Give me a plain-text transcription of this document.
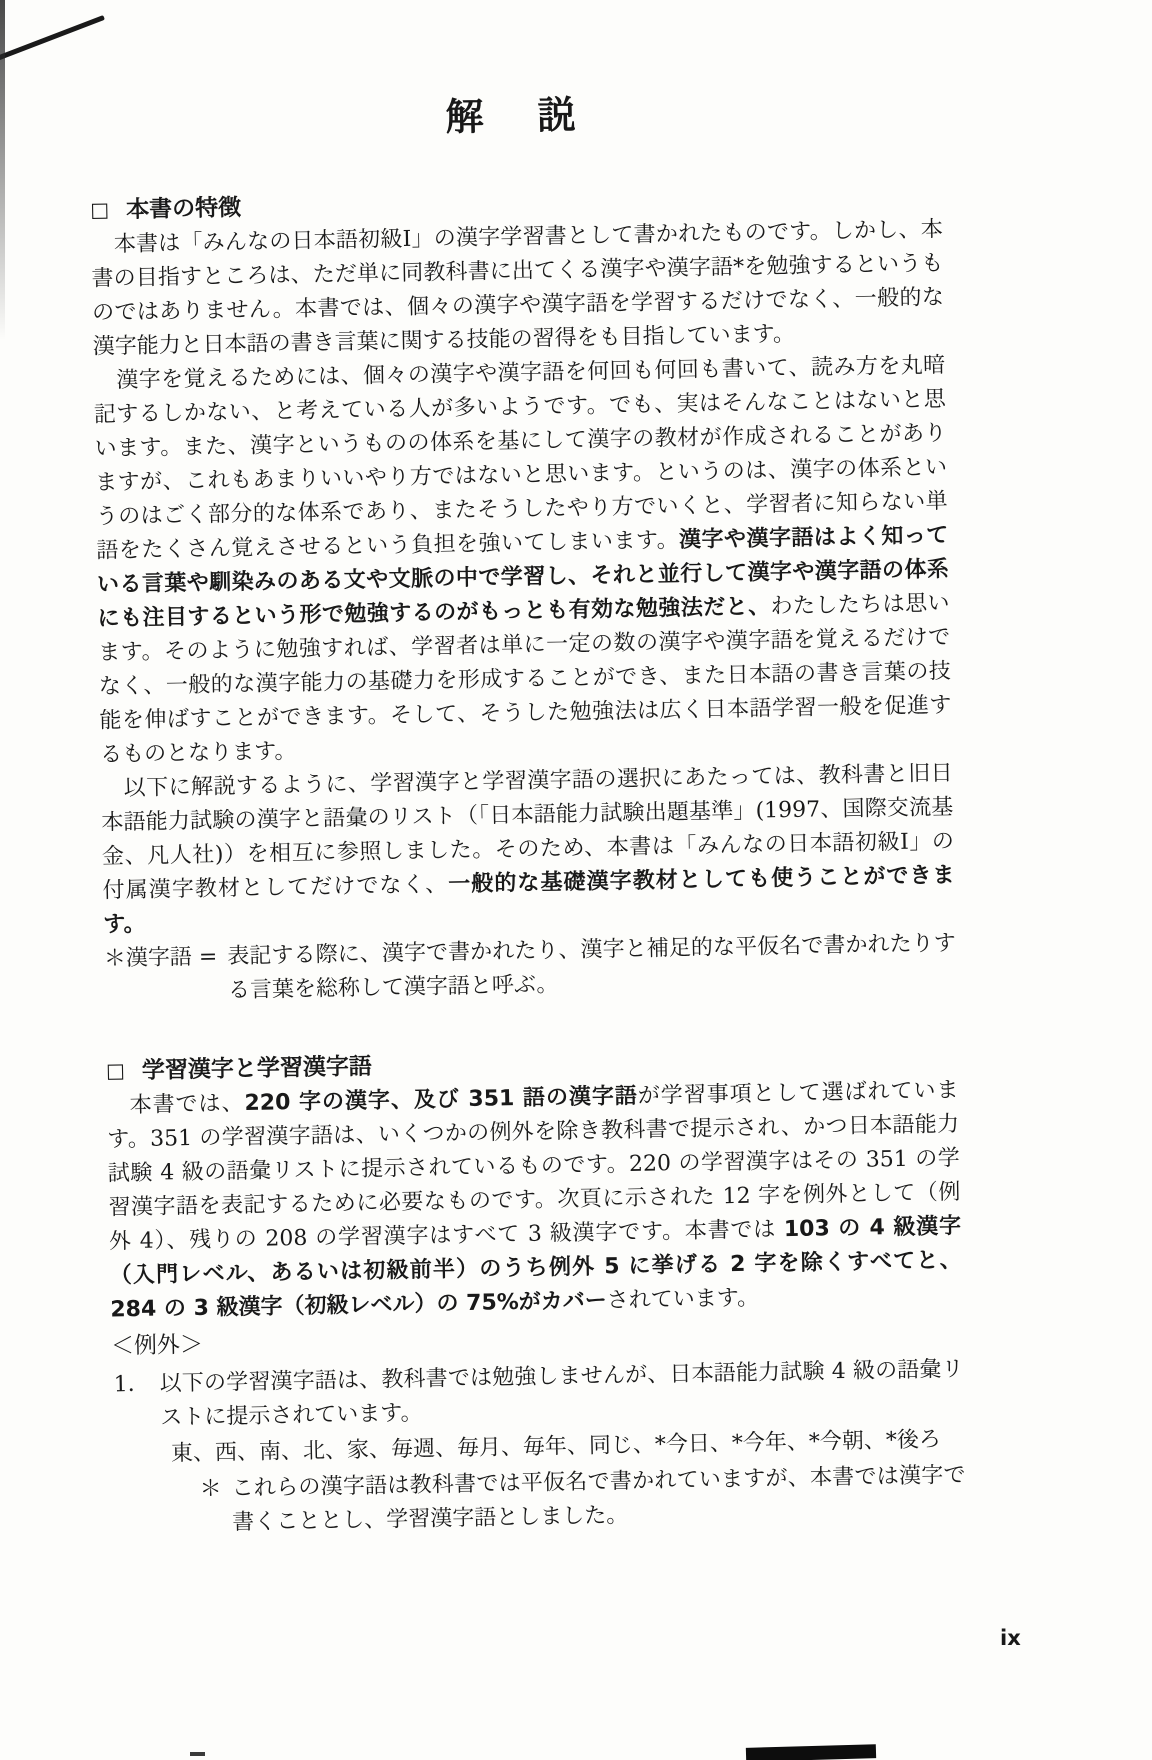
解　説
□ 本書の特徴

本書は「みんなの日本語初級Ⅰ」の漢字学習書として書かれたものです。しかし、本書の目指すところは、ただ単に同教科書に出てくる漢字や漢字語*を勉強するというものではありません。本書では、個々の漢字や漢字語を学習するだけでなく、一般的な漢字能力と日本語の書き言葉に関する技能の習得をも目指しています。

漢字を覚えるためには、個々の漢字や漢字語を何回も何回も書いて、読み方を丸暗記するしかない、と考えている人が多いようです。でも、実はそんなことはないと思います。また、漢字というものの体系を基にして漢字の教材が作成されることがありますが、これもあまりいいやり方ではないと思います。というのは、漢字の体系というのはごく部分的な体系であり、またそうしたやり方でいくと、学習者に知らない単語をたくさん覚えさせるという負担を強いてしまいます。漢字や漢字語はよく知っている言葉や馴染みのある文や文脈の中で学習し、それと並行して漢字や漢字語の体系にも注目するという形で勉強するのがもっとも有効な勉強法だと、わたしたちは思います。そのように勉強すれば、学習者は単に一定の数の漢字や漢字語を覚えるだけでなく、一般的な漢字能力の基礎力を形成することができ、また日本語の書き言葉の技能を伸ばすことができます。そして、そうした勉強法は広く日本語学習一般を促進するものとなります。

以下に解説するように、学習漢字と学習漢字語の選択にあたっては、教科書と旧日本語能力試験の漢字と語彙のリスト（「日本語能力試験出題基準」(1997、国際交流基金、凡人社)）を相互に参照しました。そのため、本書は「みんなの日本語初級Ⅰ」の付属漢字教材としてだけでなく、一般的な基礎漢字教材としても使うことができます。

＊漢字語 = 表記する際に、漢字で書かれたり、漢字と補足的な平仮名で書かれたりする言葉を総称して漢字語と呼ぶ。
□ 学習漢字と学習漢字語

本書では、220 字の漢字、及び 351 語の漢字語が学習事項として選ばれています。351 の学習漢字語は、いくつかの例外を除き教科書で提示され、かつ日本語能力試験 4 級の語彙リストに提示されているものです。220 の学習漢字はその 351 の学習漢字語を表記するために必要なものです。次頁に示された 12 字を例外として（例外 4）、残りの 208 の学習漢字はすべて 3 級漢字です。本書では 103 の 4 級漢字（入門レベル、あるいは初級前半）のうち例外 5 に挙げる 2 字を除くすべてと、284 の 3 級漢字（初級レベル）の 75%がカバーされています。

＜例外＞
1． 以下の学習漢字語は、教科書では勉強しませんが、日本語能力試験 4 級の語彙リストに提示されています。
東、西、南、北、家、毎週、毎月、毎年、同じ、*今日、*今年、*今朝、*後ろ
＊ これらの漢字語は教科書では平仮名で書かれていますが、本書では漢字で書くこととし、学習漢字語としました。
ix
